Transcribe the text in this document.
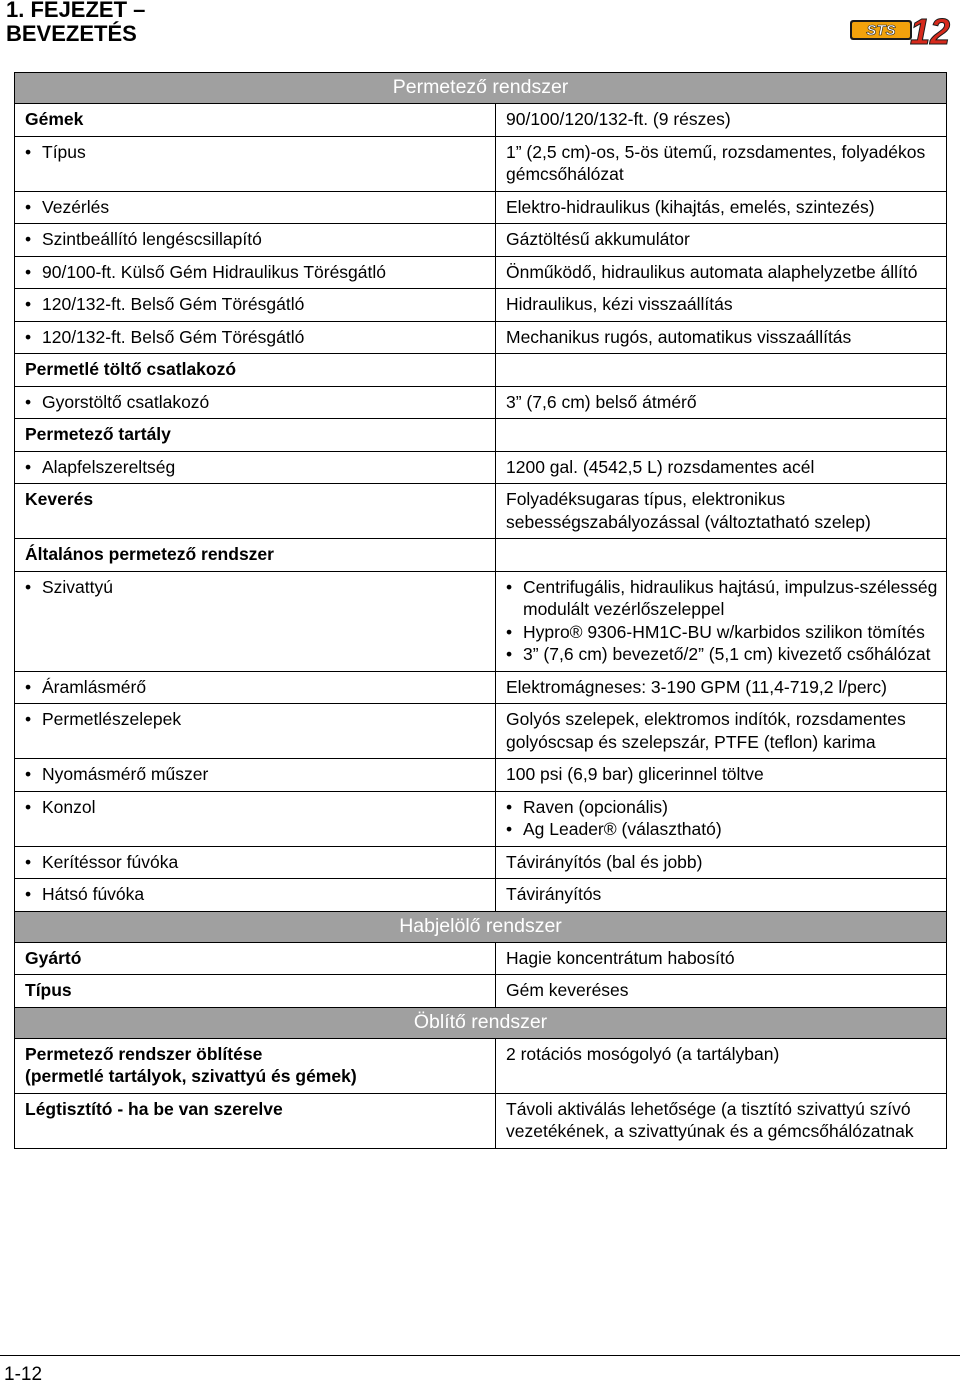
1. FEJEZET –
BEVEZETÉS	STS 12
Permetező rendszer	

Gémek	90/100/120/132-ft. (9 részes)

• Típus	1” (2,5 cm)-os, 5-ös ütemű, rozsdamentes, folyadékos gémcsőhálózat

• Vezérlés	Elektro-hidraulikus (kihajtás, emelés, szintezés)

• Szintbeállító lengéscsillapító	Gáztöltésű akkumulátor

• 90/100-ft. Külső Gém Hidraulikus Törésgátló	Önműködő, hidraulikus automata alaphelyzetbe állító

• 120/132-ft. Belső Gém Törésgátló	Hidraulikus, kézi visszaállítás

• 120/132-ft. Belső Gém Törésgátló	Mechanikus rugós, automatikus visszaállítás

Permetlé töltő csatlakozó	

• Gyorstöltő csatlakozó	3” (7,6 cm) belső átmérő

Permetező tartály	

• Alapfelszereltség	1200 gal. (4542,5 L) rozsdamentes acél

Keverés	Folyadéksugaras típus, elektronikus sebességszabályozással (változtatható szelep)

Általános permetező rendszer	

• Szivattyú	• Centrifugális, hidraulikus hajtású, impulzus-szélesség modulált vezérlőszeleppel
• Hypro® 9306-HM1C-BU w/karbidos szilikon tömítés
• 3” (7,6 cm) bevezető/2” (5,1 cm) kivezető csőhálózat

• Áramlásmérő	Elektromágneses: 3-190 GPM (11,4-719,2 l/perc)

• Permetlészelepek	Golyós szelepek, elektromos indítók, rozsdamentes golyóscsap és szelepszár, PTFE (teflon) karima

• Nyomásmérő műszer	100 psi (6,9 bar) glicerinnel töltve

• Konzol	• Raven (opcionális)
• Ag Leader® (választható)

• Kerítéssor fúvóka	Távirányítós (bal és jobb)

• Hátsó fúvóka	Távirányítós

Habjelölő rendszer	

Gyártó	Hagie koncentrátum habosító

Típus	Gém keveréses

Öblítő rendszer	

Permetező rendszer öblítése
(permetlé tartályok, szivattyú és gémek)	2 rotációs mosógolyó (a tartályban)

Légtisztító - ha be van szerelve	Távoli aktiválás lehetősége (a tisztító szivattyú szívó vezetékének, a szivattyúnak és a gémcsőhálózatnak
1-12
